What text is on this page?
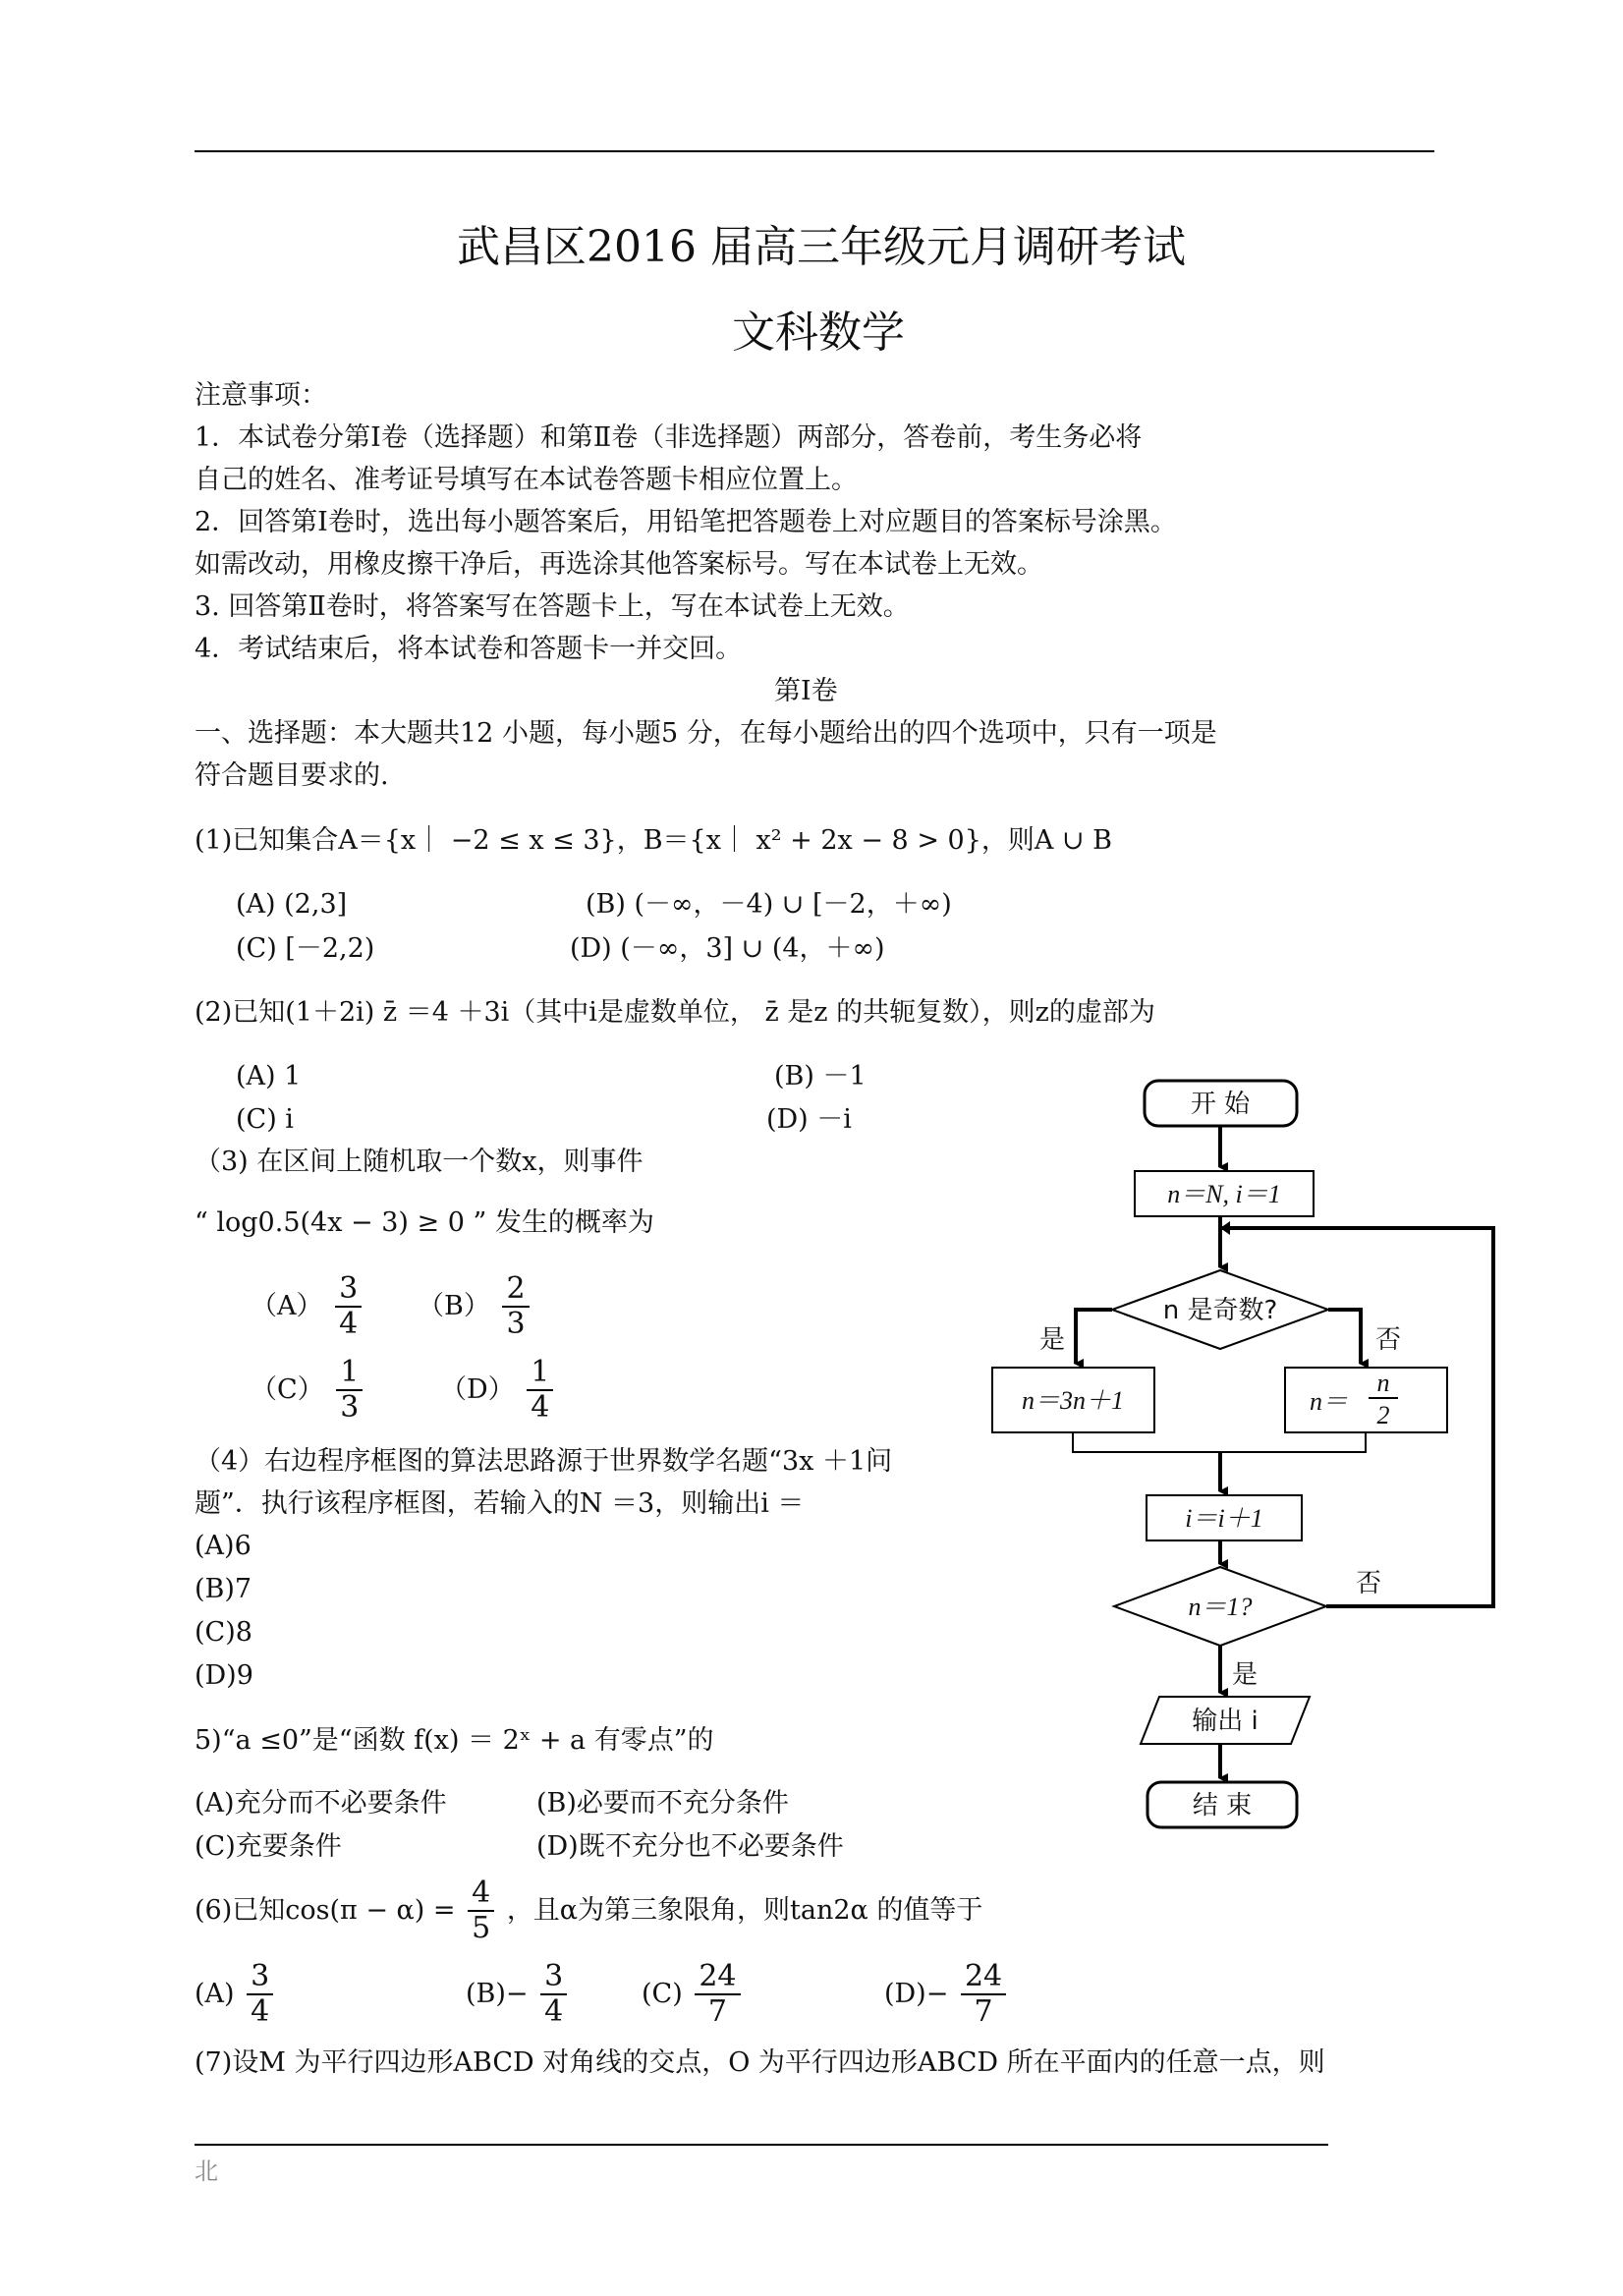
武昌区2016 届高三年级元月调研考试
文科数学
注意事项：
1．本试卷分第Ⅰ卷（选择题）和第Ⅱ卷（非选择题）两部分，答卷前，考生务必将
自己的姓名、准考证号填写在本试卷答题卡相应位置上。
2．回答第Ⅰ卷时，选出每小题答案后，用铅笔把答题卷上对应题目的答案标号涂黑。
如需改动，用橡皮擦干净后，再选涂其他答案标号。写在本试卷上无效。
3. 回答第Ⅱ卷时，将答案写在答题卡上，写在本试卷上无效。
4．考试结束后，将本试卷和答题卡一并交回。
第Ⅰ卷
一、选择题：本大题共12 小题，每小题5 分，在每小题给出的四个选项中，只有一项是
符合题目要求的.
(1)已知集合A＝{x｜ −2 ≤ x ≤ 3}，B＝{x｜ x² + 2x − 8 > 0}，则A ∪ B
(A) (2,3]	(B) (－∞，－4) ∪ [－2，＋∞)
(C) [－2,2)	(D) (－∞，3] ∪ (4，＋∞)
(2)已知(1＋2i) z̄ ＝4 ＋3i（其中i是虚数单位， z̄ 是z 的共轭复数），则z的虚部为
(A) 1	(B) －1
(C) i	(D) －i
（3) 在区间上随机取一个数x，则事件
“ log0.5(4x − 3) ≥ 0 ” 发生的概率为
$(A) \frac{3}{4} (B) \frac{2}{3}$
$(C) \frac{1}{3}$	$(D) \frac{1}{4}$
（4）右边程序框图的算法思路源于世界数学名题“3x ＋1问
题”．执行该程序框图，若输入的N ＝3，则输出i ＝
(A)6
(B)7
(C)8
(D)9
5)“a ≤0”是“函数 f(x) ＝ 2ˣ + a 有零点”的
(A)充分而不必要条件	(B)必要而不充分条件
(C)充要条件	(D)既不充分也不必要条件
(6)已知$\cos(\pi - \alpha) = \frac{4}{5}$ ，且α为第三象限角，则tan2α 的值等于
$(A) \frac{3}{4}$	$(B)- \frac{3}{4}$	$(C) \frac{24}{7}$	$(D)- \frac{24}{7}$
(7)设M 为平行四边形ABCD 对角线的交点，O 为平行四边形ABCD 所在平面内的任意一点，则
开 始
n＝N, i＝1
n 是奇数?
是	否
n＝3n＋1	n＝
n
2
i＝i＋1
n＝1?
否
是
输出 i
结 束
北
